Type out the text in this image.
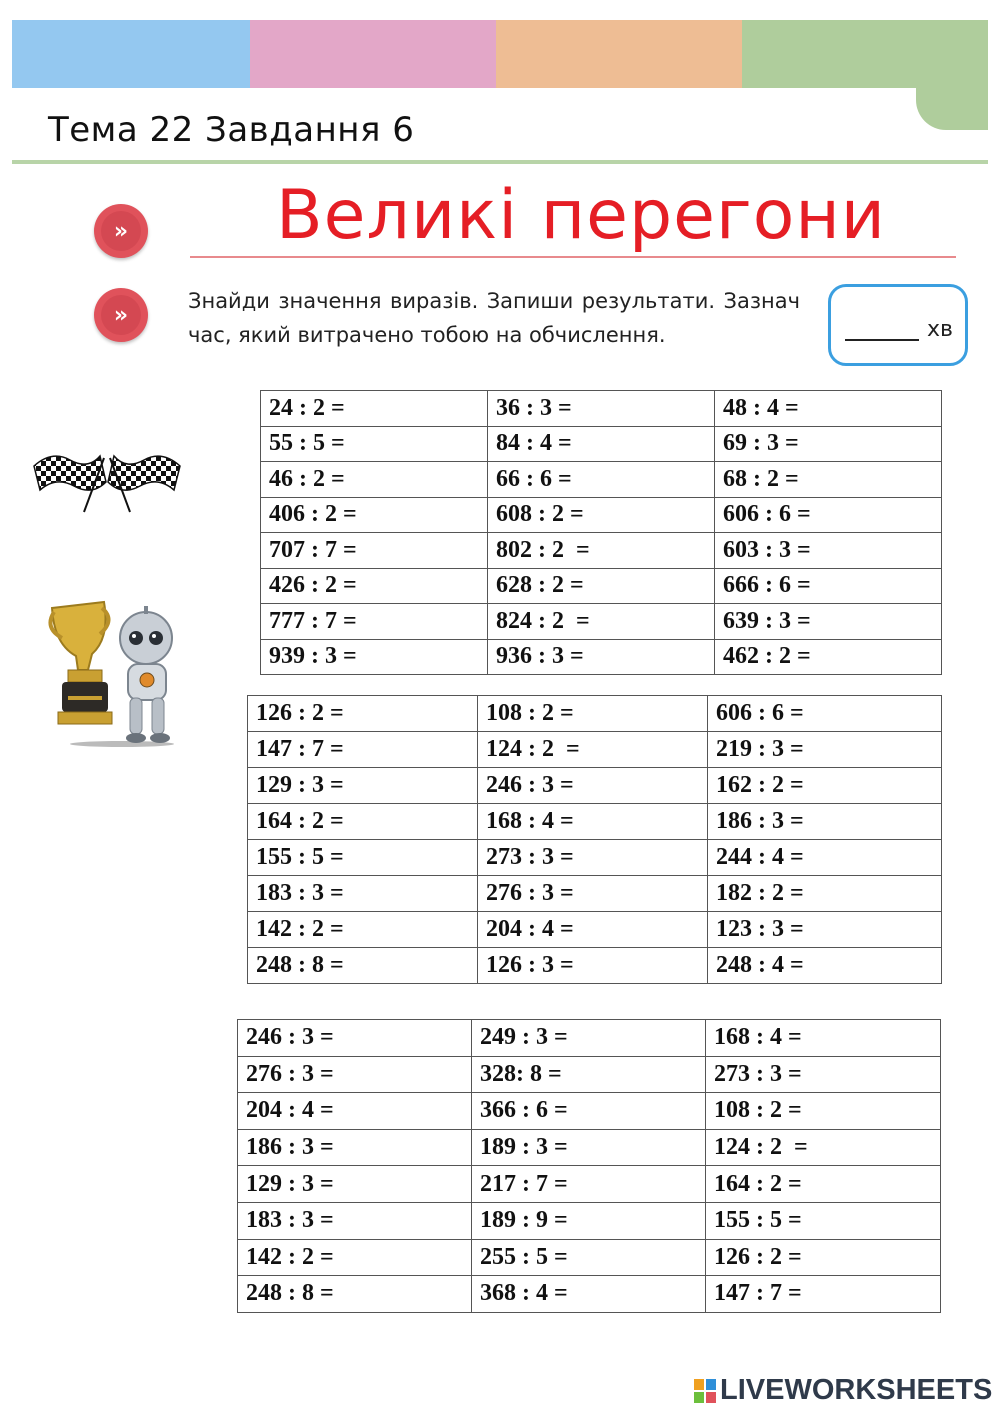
Тема 22 Завдання 6
» Великі перегони
»
Знайди значення виразів. Запиши результати. Зазнач час, який витрачено тобою на обчислення.	хв
24 : 2 =	36 : 3 =	48 : 4 =
55 : 5 =	84 : 4 =	69 : 3 =
46 : 2 =	66 : 6 =	68 : 2 =
406 : 2 =	608 : 2 =	606 : 6 =
707 : 7 =	802 : 2  =	603 : 3 =
426 : 2 =	628 : 2 =	666 : 6 =
777 : 7 =	824 : 2  =	639 : 3 =
939 : 3 =	936 : 3 =	462 : 2 =
126 : 2 =	108 : 2 =	606 : 6 =
147 : 7 =	124 : 2  =	219 : 3 =
129 : 3 =	246 : 3 =	162 : 2 =
164 : 2 =	168 : 4 =	186 : 3 =
155 : 5 =	273 : 3 =	244 : 4 =
183 : 3 =	276 : 3 =	182 : 2 =
142 : 2 =	204 : 4 =	123 : 3 =
248 : 8 =	126 : 3 =	248 : 4 =
246 : 3 =	249 : 3 =	168 : 4 =
276 : 3 =	328: 8 =	273 : 3 =
204 : 4 =	366 : 6 =	108 : 2 =
186 : 3 =	189 : 3 =	124 : 2  =
129 : 3 =	217 : 7 =	164 : 2 =
183 : 3 =	189 : 9 =	155 : 5 =
142 : 2 =	255 : 5 =	126 : 2 =
248 : 8 =	368 : 4 =	147 : 7 =
LIVEWORKSHEETS
